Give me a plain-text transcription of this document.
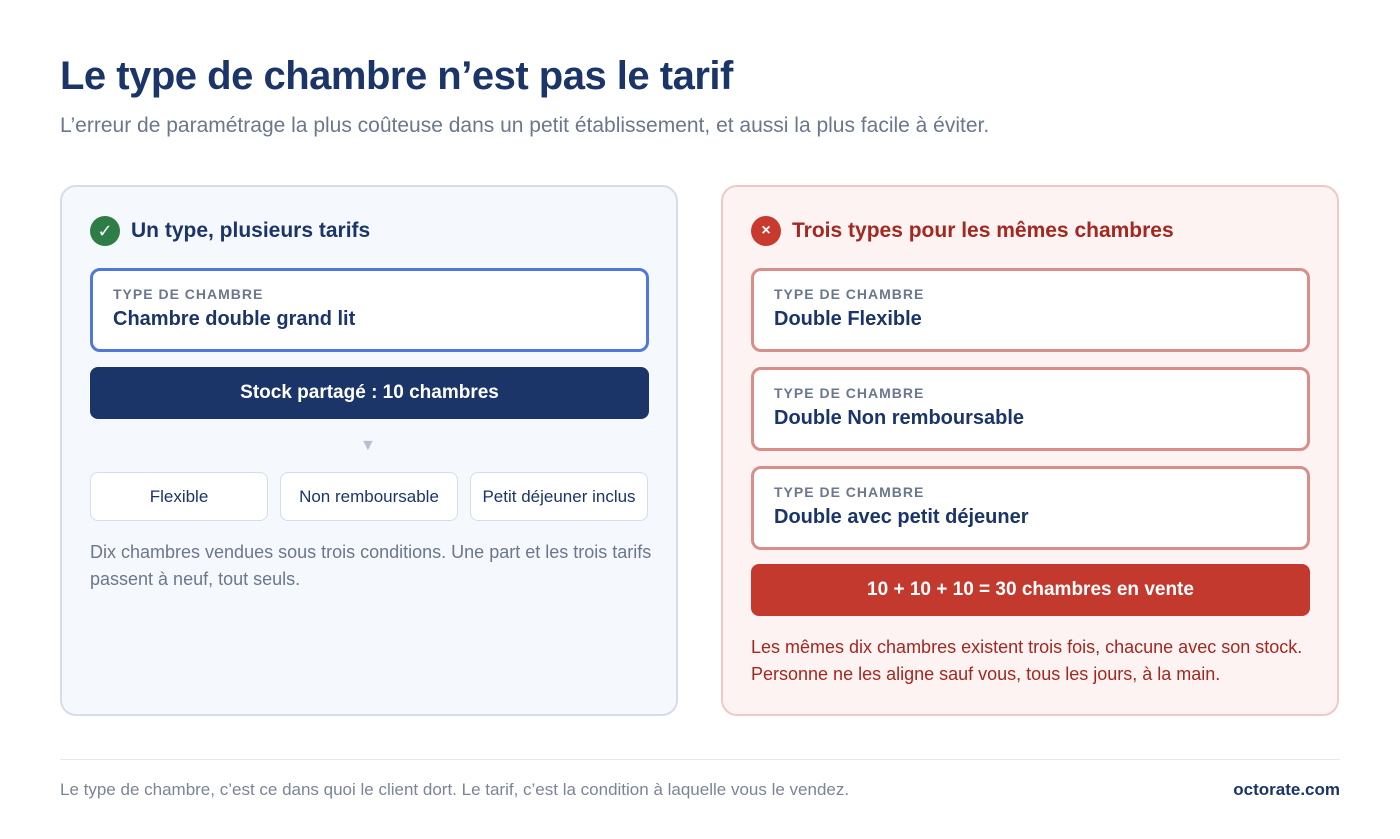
Le type de chambre n’est pas le tarif

L’erreur de paramétrage la plus coûteuse dans un petit établissement, et aussi la plus facile à éviter.

✓ Un type, plusieurs tarifs
TYPE DE CHAMBRE
Chambre double grand lit
Stock partagé : 10 chambres
▼
Flexible	Non remboursable	Petit déjeuner inclus

Dix chambres vendues sous trois conditions. Une part et les trois tarifs passent à neuf, tout seuls.

×	Trois types pour les mêmes chambres
TYPE DE CHAMBRE
Double Flexible
TYPE DE CHAMBRE
Double Non remboursable
TYPE DE CHAMBRE
Double avec petit déjeuner
10 + 10 + 10 = 30 chambres en vente

Les mêmes dix chambres existent trois fois, chacune avec son stock. Personne ne les aligne sauf vous, tous les jours, à la main.

Le type de chambre, c’est ce dans quoi le client dort. Le tarif, c’est la condition à laquelle vous le vendez.	octorate.com
